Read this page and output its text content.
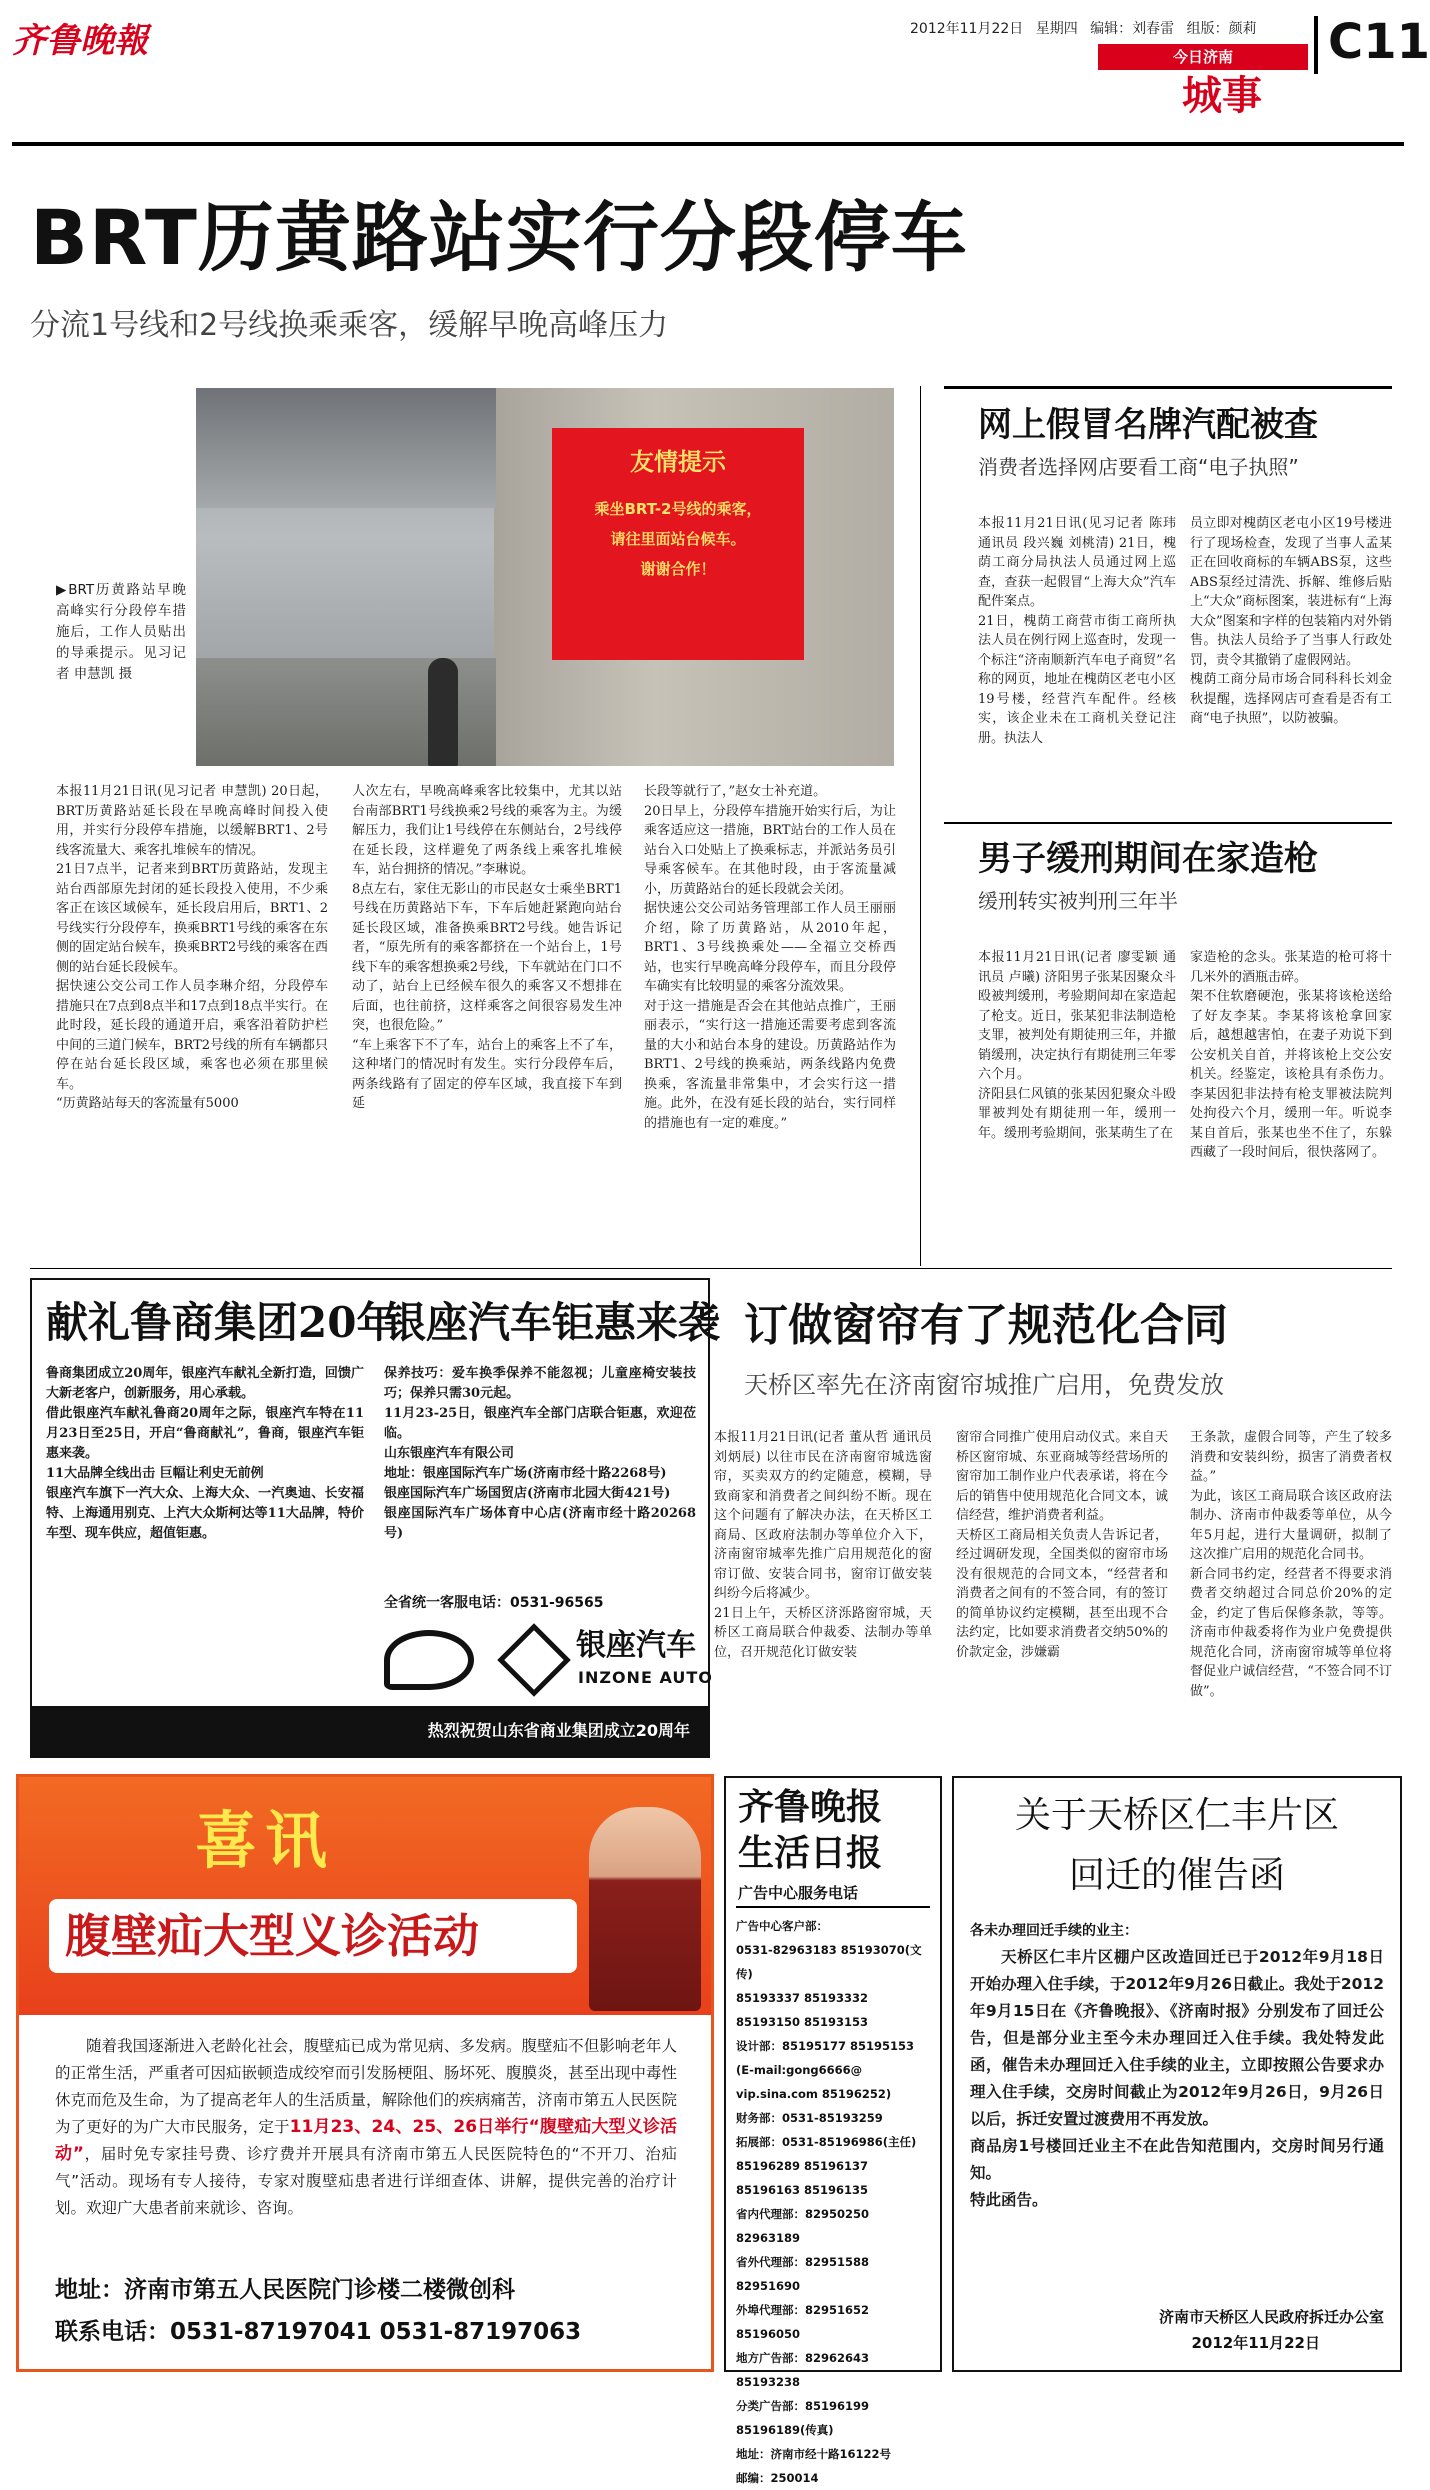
齐鲁晚報	2012年11月22日 星期四 编辑：刘春雷 组版：颜莉
今日济南
城事
C11
BRT历黄路站实行分段停车
分流1号线和2号线换乘乘客，缓解早晚高峰压力
友情提示
乘坐BRT-2号线的乘客，
请往里面站台候车。
谢谢合作！
▶BRT历黄路站早晚高峰实行分段停车措施后，工作人员贴出的导乘提示。见习记者 申慧凯 摄
本报11月21日讯(见习记者 申慧凯) 20日起，BRT历黄路站延长段在早晚高峰时间投入使用，并实行分段停车措施，以缓解BRT1、2号线客流量大、乘客扎堆候车的情况。
21日7点半，记者来到BRT历黄路站，发现主站台西部原先封闭的延长段投入使用，不少乘客正在该区域候车，延长段启用后，BRT1、2号线实行分段停车，换乘BRT1号线的乘客在东侧的固定站台候车，换乘BRT2号线的乘客在西侧的站台延长段候车。
据快速公交公司工作人员李琳介绍，分段停车措施只在7点到8点半和17点到18点半实行。在此时段，延长段的通道开启，乘客沿着防护栏中间的三道门候车，BRT2号线的所有车辆都只停在站台延长段区域，乘客也必须在那里候车。
“历黄路站每天的客流量有5000
人次左右，早晚高峰乘客比较集中，尤其以站台南部BRT1号线换乘2号线的乘客为主。为缓解压力，我们让1号线停在东侧站台，2号线停在延长段，这样避免了两条线上乘客扎堆候车，站台拥挤的情况。”李琳说。
8点左右，家住无影山的市民赵女士乘坐BRT1号线在历黄路站下车，下车后她赶紧跑向站台延长段区域，准备换乘BRT2号线。她告诉记者，“原先所有的乘客都挤在一个站台上，1号线下车的乘客想换乘2号线，下车就站在门口不动了，站台上已经候车很久的乘客又不想排在后面，也往前挤，这样乘客之间很容易发生冲突，也很危险。”
“车上乘客下不了车，站台上的乘客上不了车，这种堵门的情况时有发生。实行分段停车后，两条线路有了固定的停车区域，我直接下车到延
长段等就行了，”赵女士补充道。
20日早上，分段停车措施开始实行后，为让乘客适应这一措施，BRT站台的工作人员在站台入口处贴上了换乘标志，并派站务员引导乘客候车。在其他时段，由于客流量减小，历黄路站台的延长段就会关闭。
据快速公交公司站务管理部工作人员王丽丽介绍，除了历黄路站，从2010年起，BRT1、3号线换乘处——全福立交桥西站，也实行早晚高峰分段停车，而且分段停车确实有比较明显的乘客分流效果。
对于这一措施是否会在其他站点推广，王丽丽表示，“实行这一措施还需要考虑到客流量的大小和站台本身的建设。历黄路站作为BRT1、2号线的换乘站，两条线路内免费换乘，客流量非常集中，才会实行这一措施。此外，在没有延长段的站台，实行同样的措施也有一定的难度。”
网上假冒名牌汽配被查
消费者选择网店要看工商“电子执照”
本报11月21日讯(见习记者 陈玮 通讯员 段兴巍 刘桃清) 21日，槐荫工商分局执法人员通过网上巡查，查获一起假冒“上海大众”汽车配件案点。
21日，槐荫工商营市街工商所执法人员在例行网上巡查时，发现一个标注“济南顺新汽车电子商贸”名称的网页，地址在槐荫区老屯小区19号楼，经营汽车配件。经核实，该企业未在工商机关登记注册。执法人
员立即对槐荫区老屯小区19号楼进行了现场检查，发现了当事人孟某正在回收商标的车辆ABS泵，这些ABS泵经过清洗、拆解、维修后贴上“大众”商标图案，装进标有“上海大众”图案和字样的包装箱内对外销售。执法人员给予了当事人行政处罚，责令其撤销了虚假网站。
槐荫工商分局市场合同科科长刘金秋提醒，选择网店可查看是否有工商“电子执照”，以防被骗。
男子缓刑期间在家造枪
缓刑转实被判刑三年半
本报11月21日讯(记者 廖雯颖 通讯员 卢曦) 济阳男子张某因聚众斗殴被判缓刑，考验期间却在家造起了枪支。近日，张某犯非法制造枪支罪，被判处有期徒刑三年，并撤销缓刑，决定执行有期徒刑三年零六个月。
济阳县仁风镇的张某因犯聚众斗殴罪被判处有期徒刑一年，缓刑一年。缓刑考验期间，张某萌生了在
家造枪的念头。张某造的枪可将十几米外的酒瓶击碎。
架不住软磨硬泡，张某将该枪送给了好友李某。李某将该枪拿回家后，越想越害怕，在妻子劝说下到公安机关自首，并将该枪上交公安机关。经鉴定，该枪具有杀伤力。李某因犯非法持有枪支罪被法院判处拘役六个月，缓刑一年。听说李某自首后，张某也坐不住了，东躲西藏了一段时间后，很快落网了。
献礼鲁商集团20年
银座汽车钜惠来袭
鲁商集团成立20周年，银座汽车献礼全新打造，回馈广大新老客户，创新服务，用心承载。
借此银座汽车献礼鲁商20周年之际，银座汽车特在11月23日至25日，开启“鲁商献礼”，鲁商，银座汽车钜惠来袭。
11大品牌全线出击 巨幅让利史无前例
银座汽车旗下一汽大众、上海大众、一汽奥迪、长安福特、上海通用别克、上汽大众斯柯达等11大品牌，特价车型、现车供应，超值钜惠。
保养技巧：爱车换季保养不能忽视；儿童座椅安装技巧；保养只需30元起。
11月23-25日，银座汽车全部门店联合钜惠，欢迎莅临。
山东银座汽车有限公司
地址：银座国际汽车广场(济南市经十路2268号)
银座国际汽车广场国贸店(济南市北园大街421号)
银座国际汽车广场体育中心店(济南市经十路20268号)
全省统一客服电话：0531-96565
银座汽车
INZONE AUTO
热烈祝贺山东省商业集团成立20周年
订做窗帘有了规范化合同
天桥区率先在济南窗帘城推广启用，免费发放
本报11月21日讯(记者 董从哲 通讯员 刘炳辰) 以往市民在济南窗帘城选窗帘，买卖双方的约定随意，模糊，导致商家和消费者之间纠纷不断。现在这个问题有了解决办法，在天桥区工商局、区政府法制办等单位介入下，济南窗帘城率先推广启用规范化的窗帘订做、安装合同书，窗帘订做安装纠纷今后将减少。
21日上午，天桥区济泺路窗帘城，天桥区工商局联合仲裁委、法制办等单位，召开规范化订做安装
窗帘合同推广使用启动仪式。来自天桥区窗帘城、东亚商城等经营场所的窗帘加工制作业户代表承诺，将在今后的销售中使用规范化合同文本，诚信经营，维护消费者利益。
天桥区工商局相关负责人告诉记者，经过调研发现，全国类似的窗帘市场没有很规范的合同文本，“经营者和消费者之间有的不签合同，有的签订的简单协议约定模糊，甚至出现不合法约定，比如要求消费者交纳50%的价款定金，涉嫌霸
王条款，虚假合同等，产生了较多消费和安装纠纷，损害了消费者权益。”
为此，该区工商局联合该区政府法制办、济南市仲裁委等单位，从今年5月起，进行大量调研，拟制了这次推广启用的规范化合同书。
新合同书约定，经营者不得要求消费者交纳超过合同总价20%的定金，约定了售后保修条款，等等。济南市仲裁委将作为业户免费提供规范化合同，济南窗帘城等单位将督促业户诚信经营，“不签合同不订做”。
喜讯
腹壁疝大型义诊活动
随着我国逐渐进入老龄化社会，腹壁疝已成为常见病、多发病。腹壁疝不但影响老年人的正常生活，严重者可因疝嵌顿造成绞窄而引发肠梗阻、肠坏死、腹膜炎，甚至出现中毒性休克而危及生命，为了提高老年人的生活质量，解除他们的疾病痛苦，济南市第五人民医院为了更好的为广大市民服务，定于11月23、24、25、26日举行“腹壁疝大型义诊活动”，届时免专家挂号费、诊疗费并开展具有济南市第五人民医院特色的“不开刀、治疝气”活动。现场有专人接待，专家对腹壁疝患者进行详细查体、讲解，提供完善的治疗计划。欢迎广大患者前来就诊、咨询。
地址：济南市第五人民医院门诊楼二楼微创科
联系电话：0531-87197041 0531-87197063
齐鲁晚报
生活日报
广告中心服务电话
广告中心客户部：
0531-82963183 85193070(文传)
85193337 85193332
85193150 85193153
设计部：85195177 85195153
(E-mail:gong6666@
vip.sina.com 85196252)
财务部：0531-85193259
拓展部：0531-85196986(主任)
85196289 85196137
85196163 85196135
省内代理部：82950250 82963189
省外代理部：82951588 82951690
外埠代理部：82951652 85196050
地方广告部：82962643 85193238
分类广告部：85196199
85196189(传真)
地址：济南市经十路16122号
邮编：250014
关于天桥区仁丰片区
回迁的催告函
各未办理回迁手续的业主：
天桥区仁丰片区棚户区改造回迁已于2012年9月18日开始办理入住手续，于2012年9月26日截止。我处于2012年9月15日在《齐鲁晚报》、《济南时报》分别发布了回迁公告，但是部分业主至今未办理回迁入住手续。我处特发此函，催告未办理回迁入住手续的业主，立即按照公告要求办理入住手续，交房时间截止为2012年9月26日，9月26日以后，拆迁安置过渡费用不再发放。
商品房1号楼回迁业主不在此告知范围内，交房时间另行通知。
特此函告。
济南市天桥区人民政府拆迁办公室
2012年11月22日
